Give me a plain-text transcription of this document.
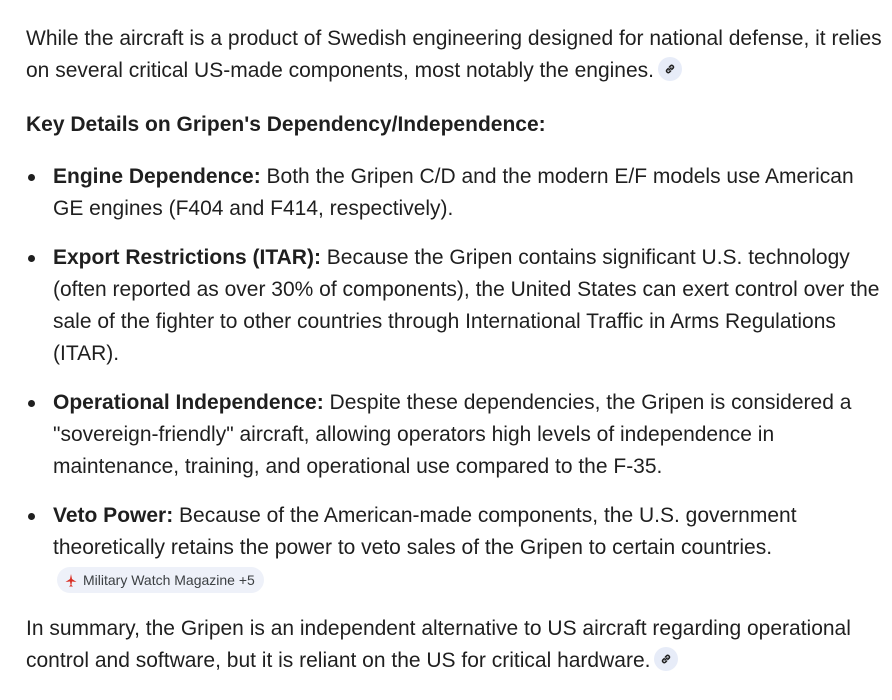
While the aircraft is a product of Swedish engineering designed for national defense, it relies on several critical US-made components, most notably the engines.

Key Details on Gripen's Dependency/Independence:
Engine Dependence: Both the Gripen C/D and the modern E/F models use American GE engines (F404 and F414, respectively).
Export Restrictions (ITAR): Because the Gripen contains significant U.S. technology (often reported as over 30% of components), the United States can exert control over the sale of the fighter to other countries through International Traffic in Arms Regulations (ITAR).
Operational Independence: Despite these dependencies, the Gripen is considered a "sovereign-friendly" aircraft, allowing operators high levels of independence in maintenance, training, and operational use compared to the F-35.
Veto Power: Because of the American-made components, the U.S. government theoretically retains the power to veto sales of the Gripen to certain countries.Military Watch Magazine +5

In summary, the Gripen is an independent alternative to US aircraft regarding operational control and software, but it is reliant on the US for critical hardware.
